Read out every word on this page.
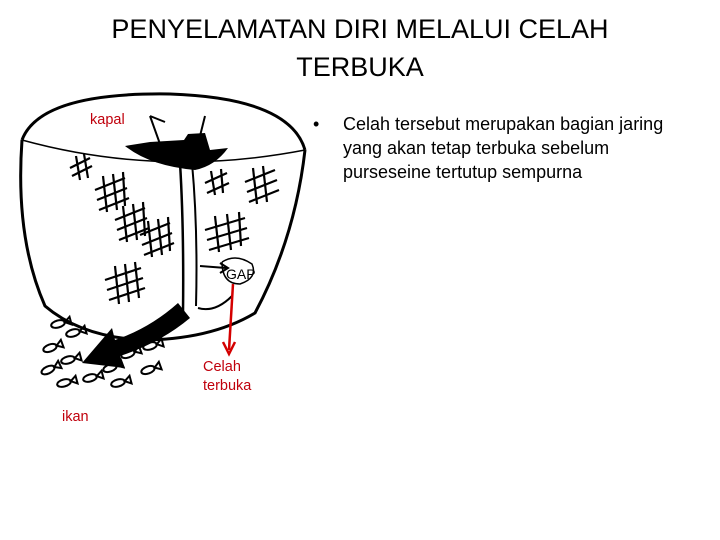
PENYELAMATAN DIRI MELALUI CELAH TERBUKA
GAP
kapal
Celah
terbuka
ikan
• Celah tersebut merupakan bagian jaring yang akan tetap terbuka sebelum purseseine tertutup sempurna
